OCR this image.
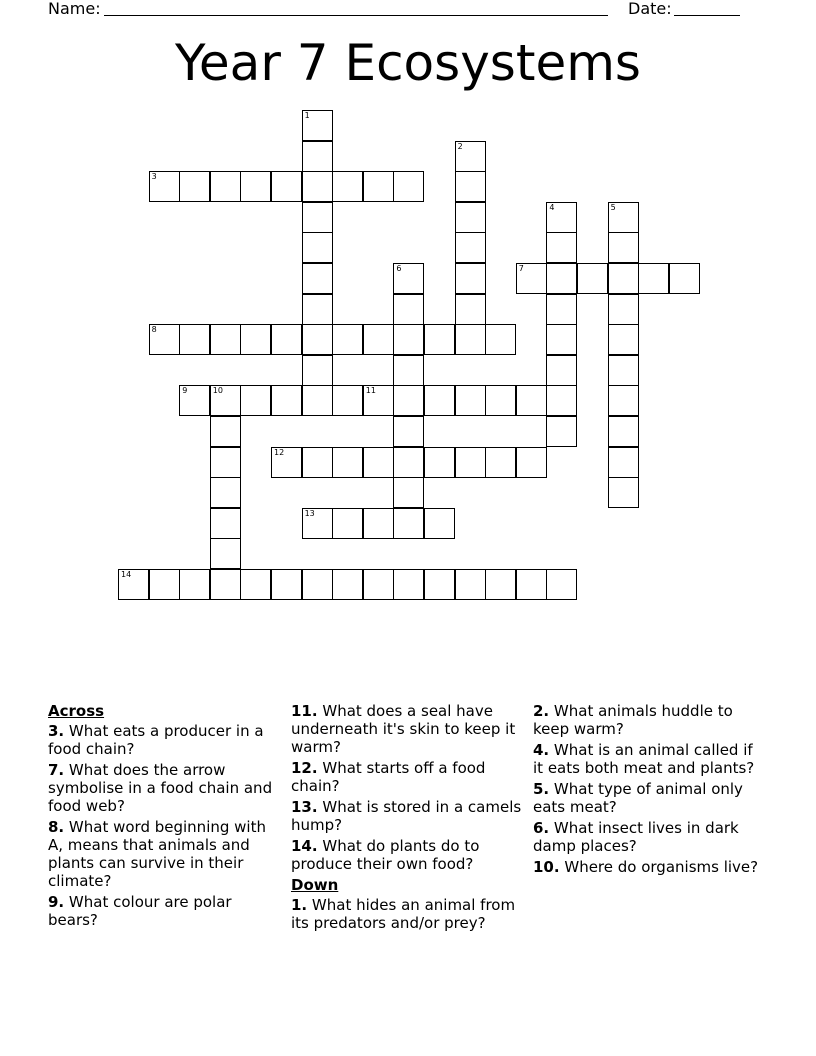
Name:	Date:
Year 7 Ecosystems
1
2
3
4	5
6	7
8
9	10	11
12
13
14
Across
3. What eats a producer in a food chain?
7. What does the arrow symbolise in a food chain and food web?
8. What word beginning with A, means that animals and plants can survive in their climate?
9. What colour are polar bears?
11. What does a seal have underneath it's skin to keep it warm?
12. What starts off a food chain?
13. What is stored in a camels hump?
14. What do plants do to produce their own food?
Down
1. What hides an animal from its predators and/or prey?
2. What animals huddle to keep warm?
4. What is an animal called if it eats both meat and plants?
5. What type of animal only eats meat?
6. What insect lives in dark damp places?
10. Where do organisms live?
